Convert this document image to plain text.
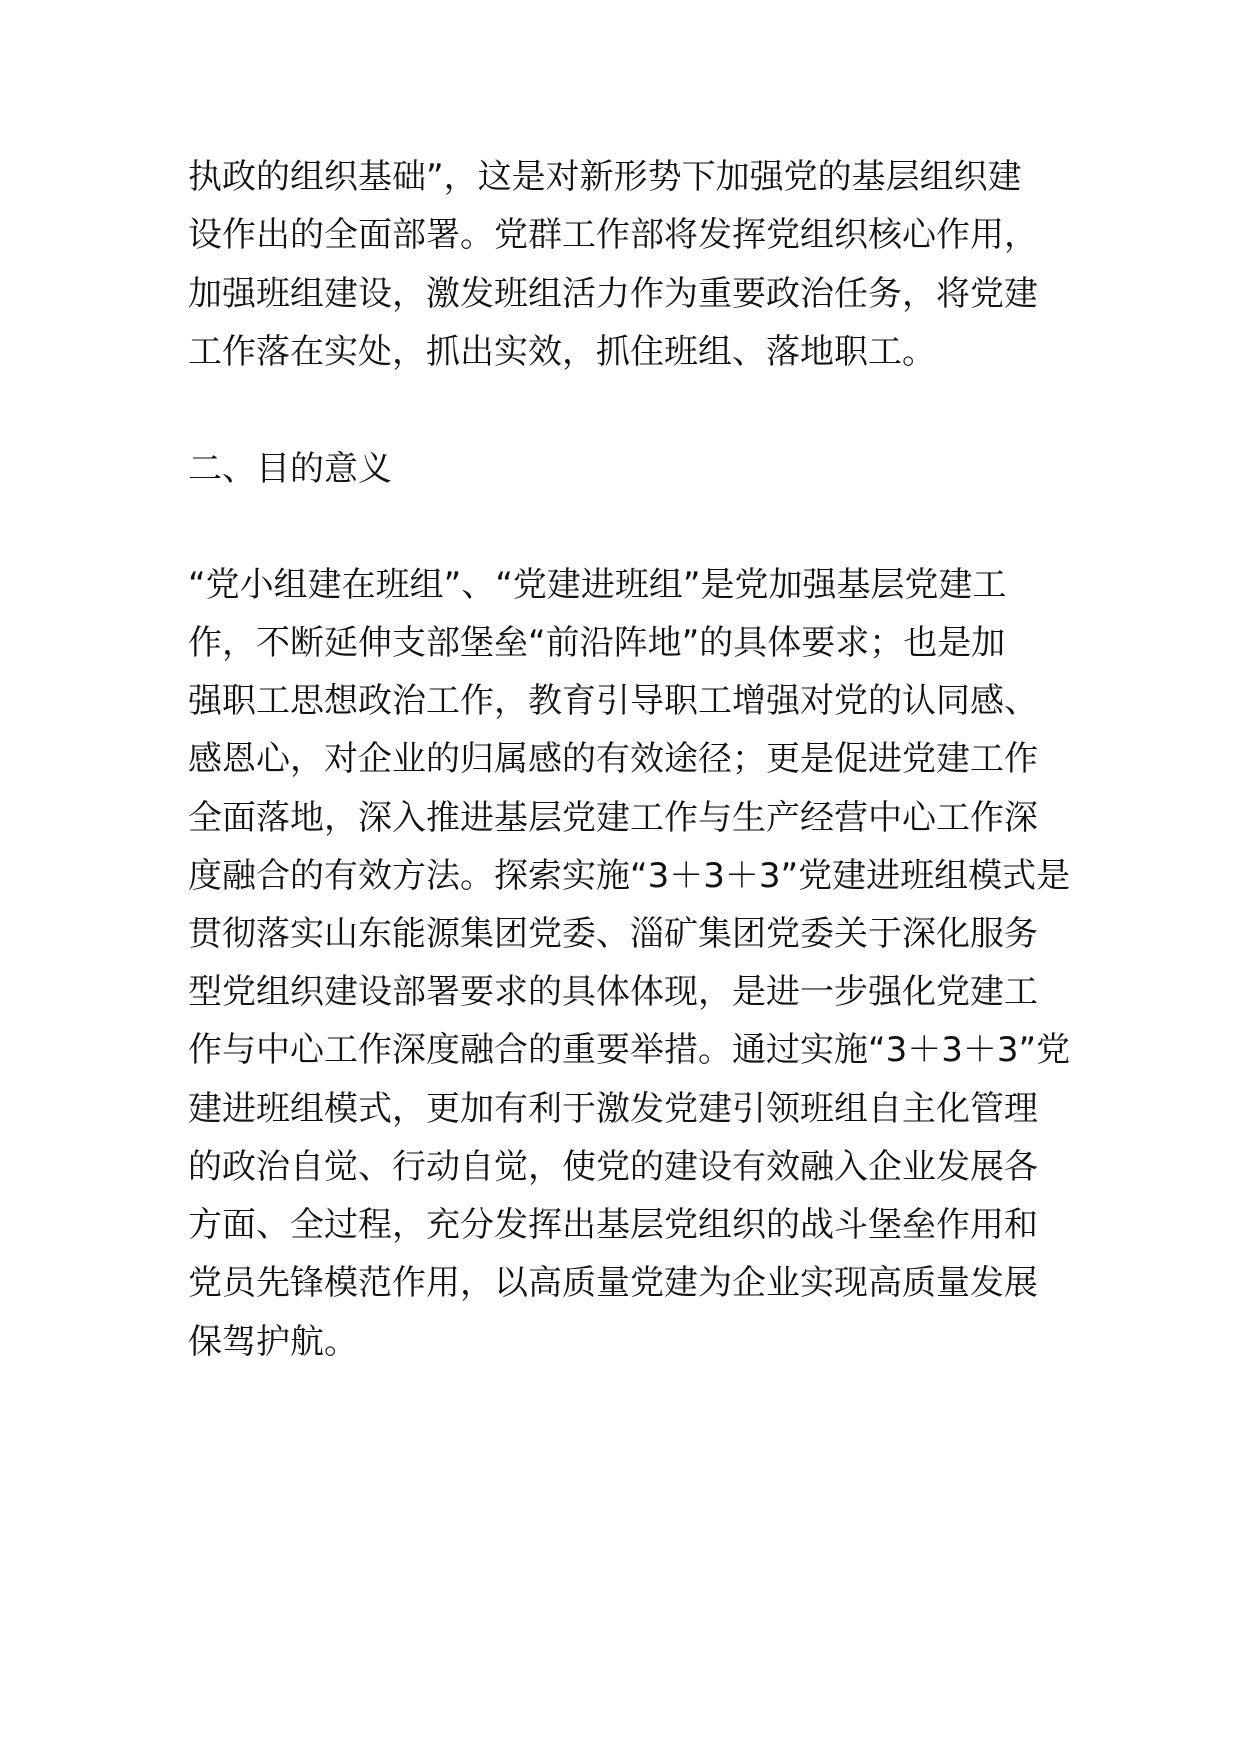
执政的组织基础”，这是对新形势下加强党的基层组织建
设作出的全面部署。党群工作部将发挥党组织核心作用，
加强班组建设，激发班组活力作为重要政治任务，将党建
工作落在实处，抓出实效，抓住班组、落地职工。
二、目的意义
“党小组建在班组”、“党建进班组”是党加强基层党建工
作，不断延伸支部堡垒“前沿阵地”的具体要求；也是加
强职工思想政治工作，教育引导职工增强对党的认同感、
感恩心，对企业的归属感的有效途径；更是促进党建工作
全面落地，深入推进基层党建工作与生产经营中心工作深
度融合的有效方法。探索实施“3＋3＋3”党建进班组模式是
贯彻落实山东能源集团党委、淄矿集团党委关于深化服务
型党组织建设部署要求的具体体现，是进一步强化党建工
作与中心工作深度融合的重要举措。通过实施“3＋3＋3”党
建进班组模式，更加有利于激发党建引领班组自主化管理
的政治自觉、行动自觉，使党的建设有效融入企业发展各
方面、全过程，充分发挥出基层党组织的战斗堡垒作用和
党员先锋模范作用，以高质量党建为企业实现高质量发展
保驾护航。
